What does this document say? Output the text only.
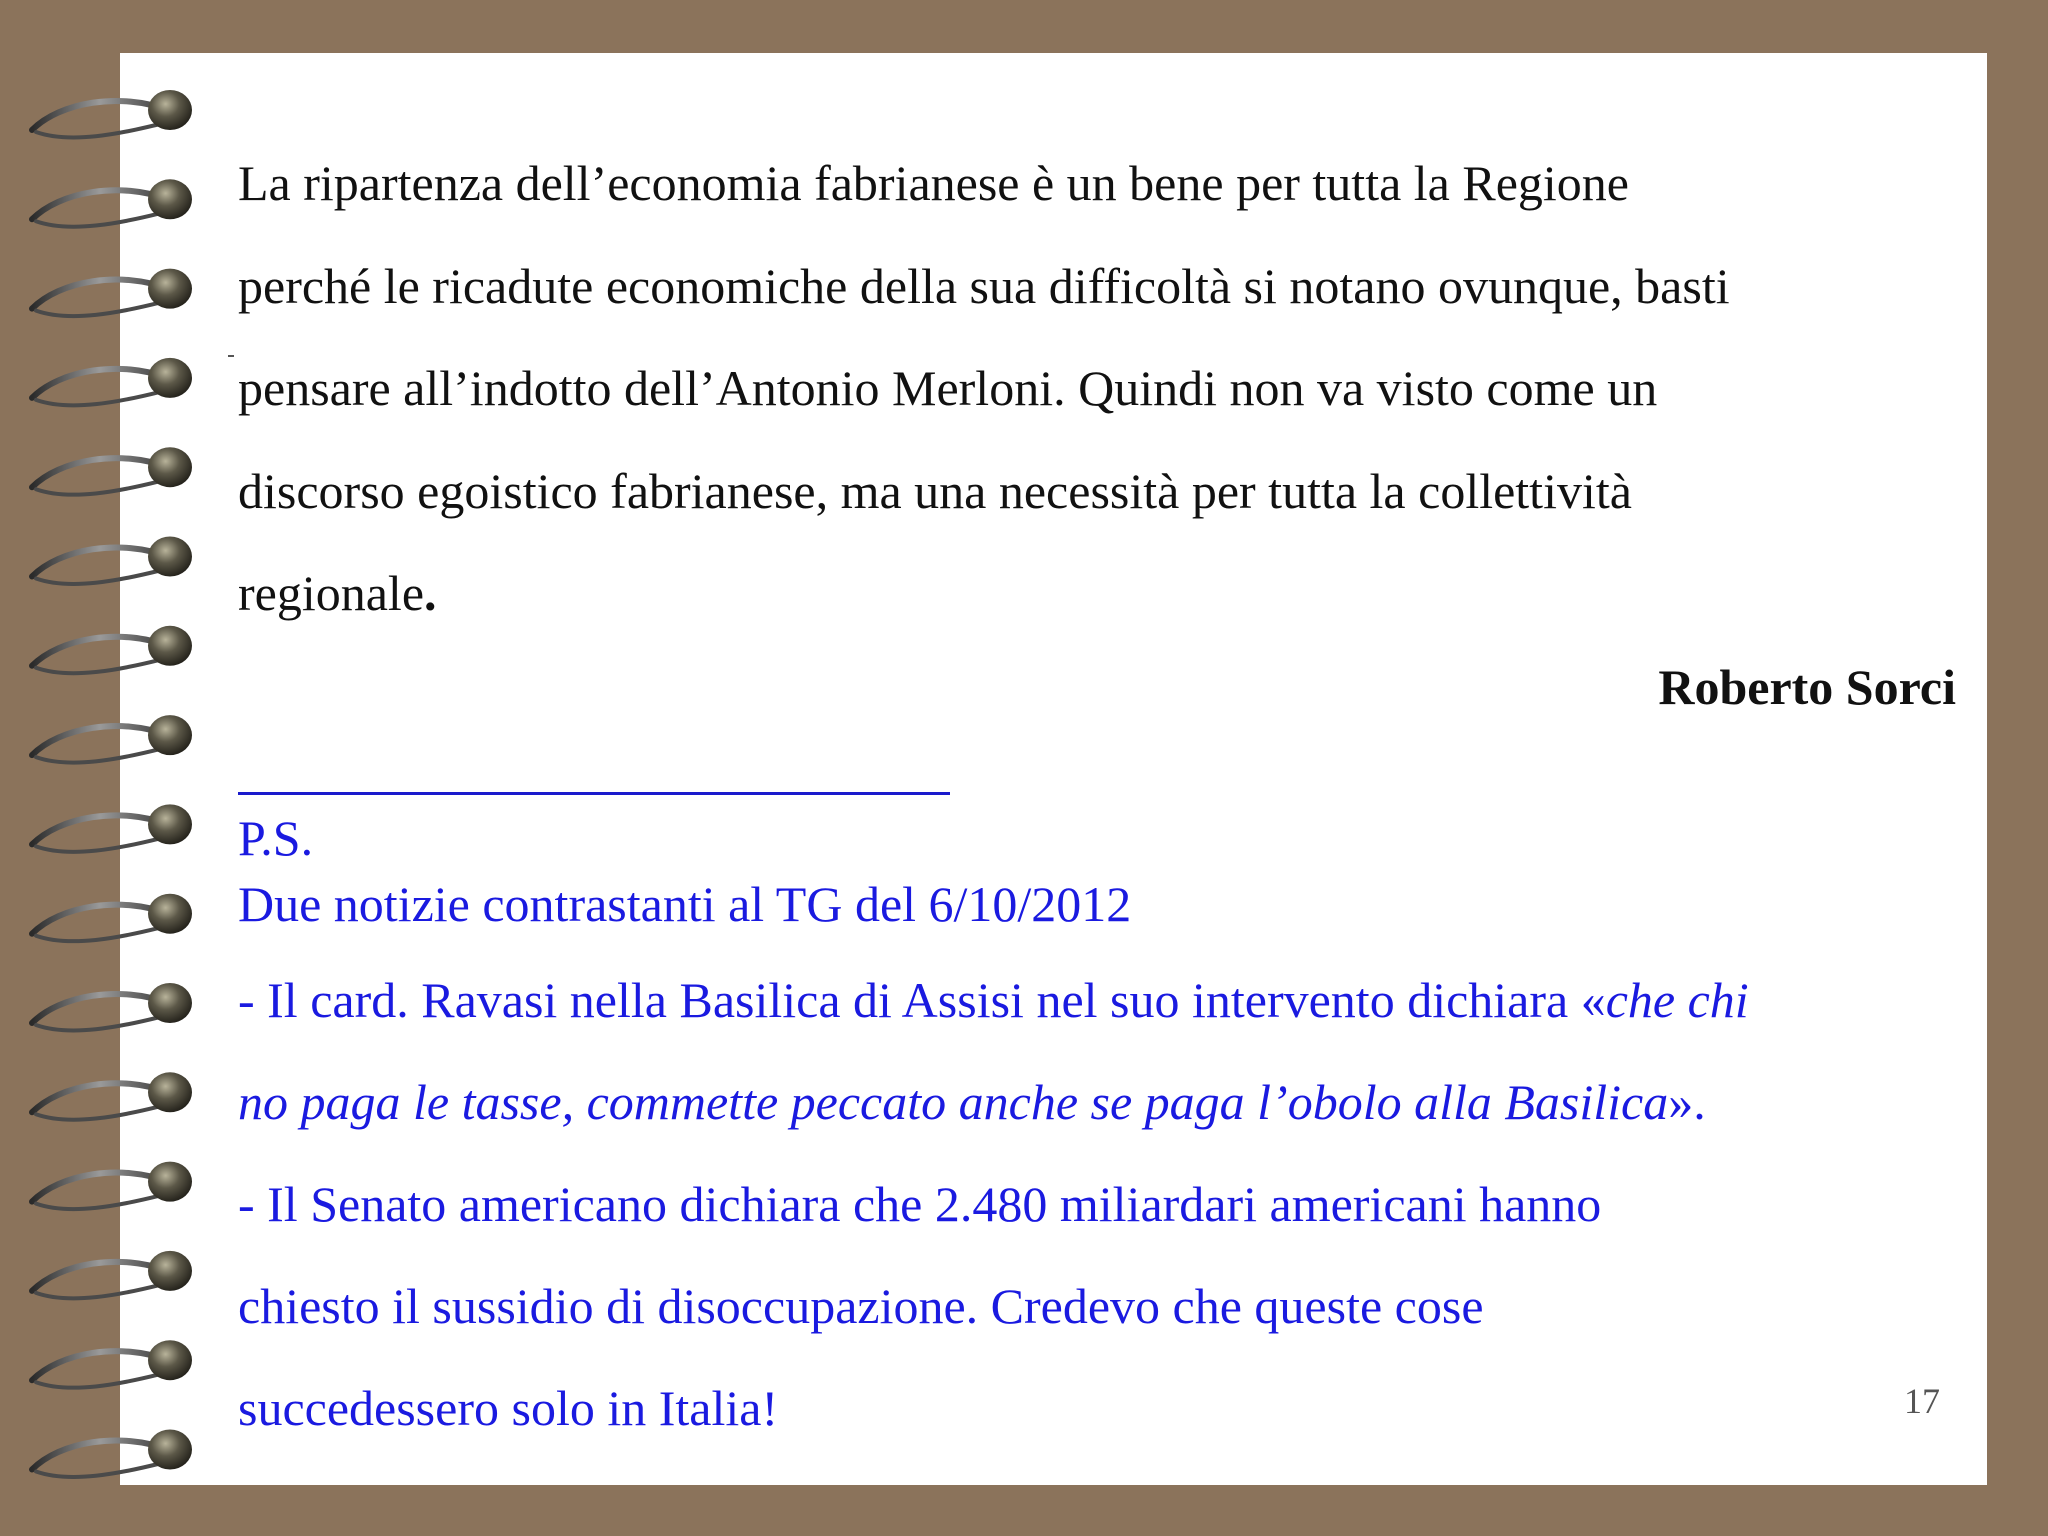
La ripartenza dell’economia fabrianese è un bene per tutta la Regione

perché le ricadute economiche della sua difficoltà si notano ovunque, basti

pensare all’indotto dell’Antonio Merloni. Quindi non va visto come un

discorso egoistico fabrianese, ma una necessità per tutta la collettività

regionale.

Roberto Sorci

P.S.

Due notizie contrastanti al TG del 6/10/2012

- Il card. Ravasi nella Basilica di Assisi nel suo intervento dichiara «che chi
no paga le tasse, commette peccato anche se paga l’obolo alla Basilica».

- Il Senato americano dichiara che 2.480 miliardari americani hanno
chiesto il sussidio di disoccupazione. Credevo che queste cose
succedessero solo in Italia!	17
